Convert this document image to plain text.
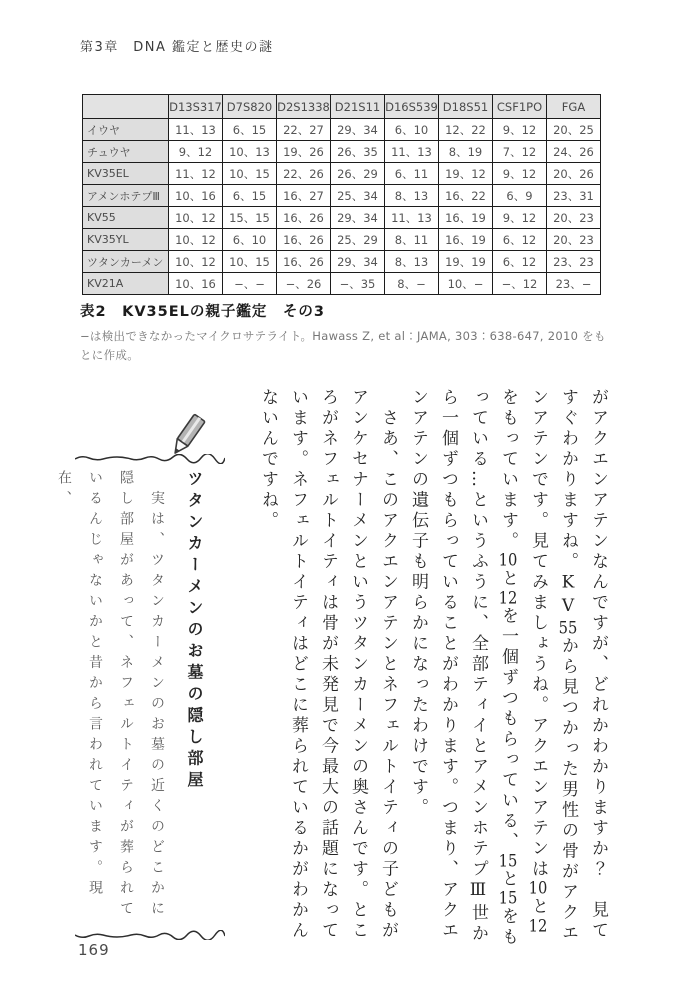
第3章　DNA 鑑定と歴史の謎
	D13S317	D7S820	D2S1338	D21S11	D16S539	D18S51	CSF1PO	FGA
イウヤ	11、13	6、15	22、27	29、34	6、10	12、22	9、12	20、25
チュウヤ	9、12	10、13	19、26	26、35	11、13	8、19	7、12	24、26
KV35EL	11、12	10、15	22、26	26、29	6、11	19、12	9、12	20、26
アメンホテプⅢ	10、16	6、15	16、27	25、34	8、13	16、22	6、9	23、31
KV55	10、12	15、15	16、26	29、34	11、13	16、19	9、12	20、23
KV35YL	10、12	6、10	16、26	25、29	8、11	16、19	6、12	20、23
ツタンカーメン	10、12	10、15	16、26	29、34	8、13	19、19	6、12	23、23
KV21A	10、16	−、−	−、26	−、35	8、−	10、−	−、12	23、−
表2　KV35ELの親子鑑定　その3
−は検出できなかったマイクロサテライト。Hawass Z, et al：JAMA, 303：638-647, 2010 をもとに作成。

がアクエンアテンなんですが、どれかわかりますか？　見てすぐわかりますね。KV55から見つかった男性の骨がアクエンアテンです。見てみましょうね。アクエンアテンは10と12をもっています。10と12を一個ずつもらっている、15と15をもっている…というふうに、全部ティイとアメンホテプⅢ世から一個ずつもらっていることがわかります。つまり、アクエンアテンの遺伝子も明らかになったわけです。

　さあ、このアクエンアテンとネフェルトイティの子どもがアンケセナーメンというツタンカーメンの奥さんです。ところがネフェルトイティは骨が未発見で今最大の話題になっています。ネフェルトイティはどこに葬られているかがわかんないんですね。

ツタンカーメンのお墓の隠し部屋

　実は、ツタンカーメンのお墓の近くのどこかに隠し部屋があって、ネフェルトイティが葬られているんじゃないかと昔から言われています。現在、

169
